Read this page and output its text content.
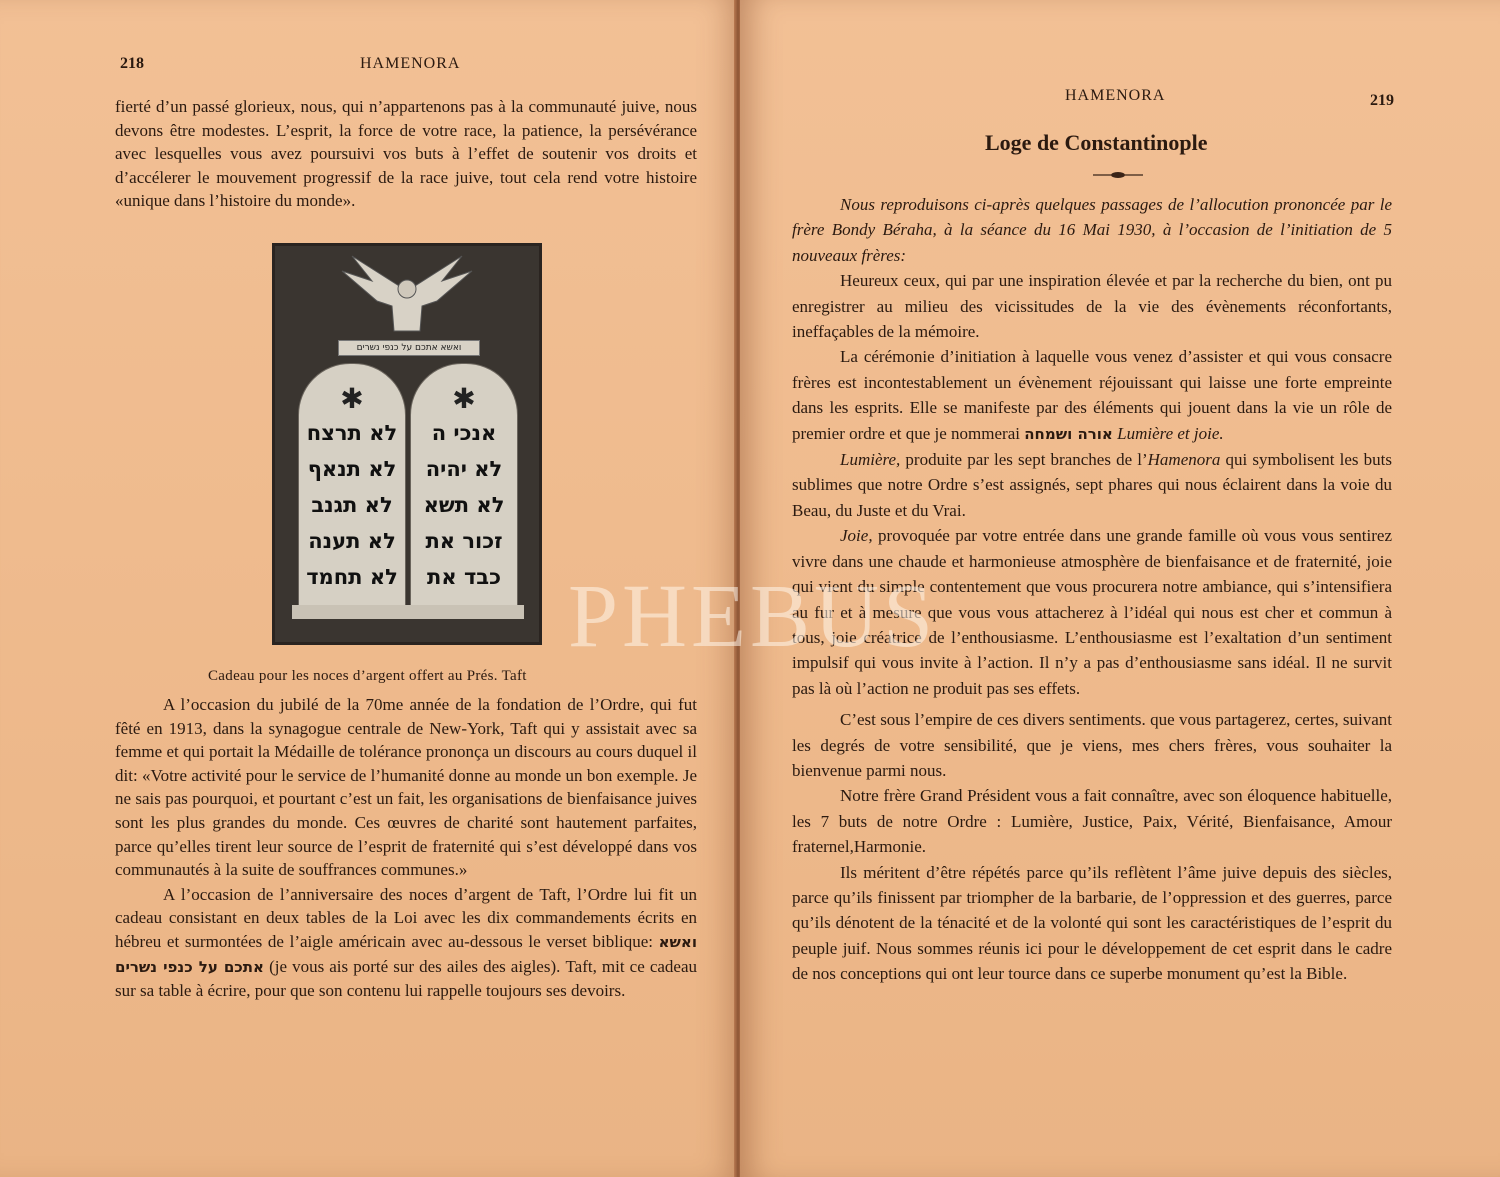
218	HAMENORA

fierté d’un passé glorieux, nous, qui n’appartenons pas à la communauté juive, nous devons être modestes. L’esprit, la force de votre race, la patience, la persévérance avec lesquelles vous avez poursuivi vos buts à l’effet de soutenir vos droits et d’accélerer le mouvement progressif de la race juive, tout cela rend votre histoire «unique dans l’histoire du monde».

ואשא אתכם על כנפי נשרים
✱
לא תרצח
לא תנאף
לא תגנב
לא תענה
לא תחמד
✱
אנכי ה
לא יהיה
לא תשא
זכור את
כבד את
Cadeau pour les noces d’argent offert au Prés. Taft

A l’occasion du jubilé de la 70me année de la fondation de l’Ordre, qui fut fêté en 1913, dans la synagogue centrale de New-York, Taft qui y assistait avec sa femme et qui portait la Médaille de tolérance prononça un discours au cours duquel il dit: «Votre activité pour le service de l’humanité donne au monde un bon exemple. Je ne sais pas pourquoi, et pourtant c’est un fait, les organisations de bienfaisance juives sont les plus grandes du monde. Ces œuvres de charité sont hautement parfaites, parce qu’elles tirent leur source de l’esprit de fraternité qui s’est développé dans vos communautés à la suite de souffrances communes.»

A l’occasion de l’anniversaire des noces d’argent de Taft, l’Ordre lui fit un cadeau consistant en deux tables de la Loi avec les dix commandements écrits en hébreu et surmontées de l’aigle américain avec au-dessous le verset biblique: ואשא אתכם על כנפי נשרים (je vous ais porté sur des ailes des aigles). Taft, mit ce cadeau sur sa table à écrire, pour que son contenu lui rappelle toujours ses devoirs.

HAMENORA	219
Loge de Constantinople

Nous reproduisons ci-après quelques passages de l’allocution prononcée par le frère Bondy Béraha, à la séance du 16 Mai 1930, à l’occasion de l’initiation de 5 nouveaux frères:

Heureux ceux, qui par une inspiration élevée et par la recherche du bien, ont pu enregistrer au milieu des vicissitudes de la vie des évènements réconfortants, ineffaçables de la mémoire.

La cérémonie d’initiation à laquelle vous venez d’assister et qui vous consacre frères est incontestablement un évènement réjouissant qui laisse une forte empreinte dans les esprits. Elle se manifeste par des éléments qui jouent dans la vie un rôle de premier ordre et que je nommerai אורה ושמחה Lumière et joie.

Lumière, produite par les sept branches de l’Hamenora qui symbolisent les buts sublimes que notre Ordre s’est assignés, sept phares qui nous éclairent dans la voie du Beau, du Juste et du Vrai.

Joie, provoquée par votre entrée dans une grande famille où vous vous sentirez vivre dans une chaude et harmonieuse atmosphère de bienfaisance et de fraternité, joie qui vient du simple contentement que vous procurera notre ambiance, qui s’intensifiera au fur et à mesure que vous vous attacherez à l’idéal qui nous est cher et commun à tous, joie créatrice de l’enthousiasme. L’enthousiasme est l’exaltation d’un sentiment impulsif qui vous invite à l’action. Il n’y a pas d’enthousiasme sans idéal. Il ne survit pas là où l’action ne produit pas ses effets.

C’est sous l’empire de ces divers sentiments. que vous partagerez, certes, suivant les degrés de votre sensibilité, que je viens, mes chers frères, vous souhaiter la bienvenue parmi nous.

Notre frère Grand Président vous a fait connaître, avec son éloquence habituelle, les 7 buts de notre Ordre : Lumière, Justice, Paix, Vérité, Bienfaisance, Amour fraternel,Harmonie.

Ils méritent d’être répétés parce qu’ils reflètent l’âme juive depuis des siècles, parce qu’ils finissent par triompher de la barbarie, de l’oppression et des guerres, parce qu’ils dénotent de la ténacité et de la volonté qui sont les caractéristiques de l’esprit du peuple juif. Nous sommes réunis ici pour le développement de cet esprit dans le cadre de nos conceptions qui ont leur tource dans ce superbe monument qu’est la Bible.

PHEBUS
